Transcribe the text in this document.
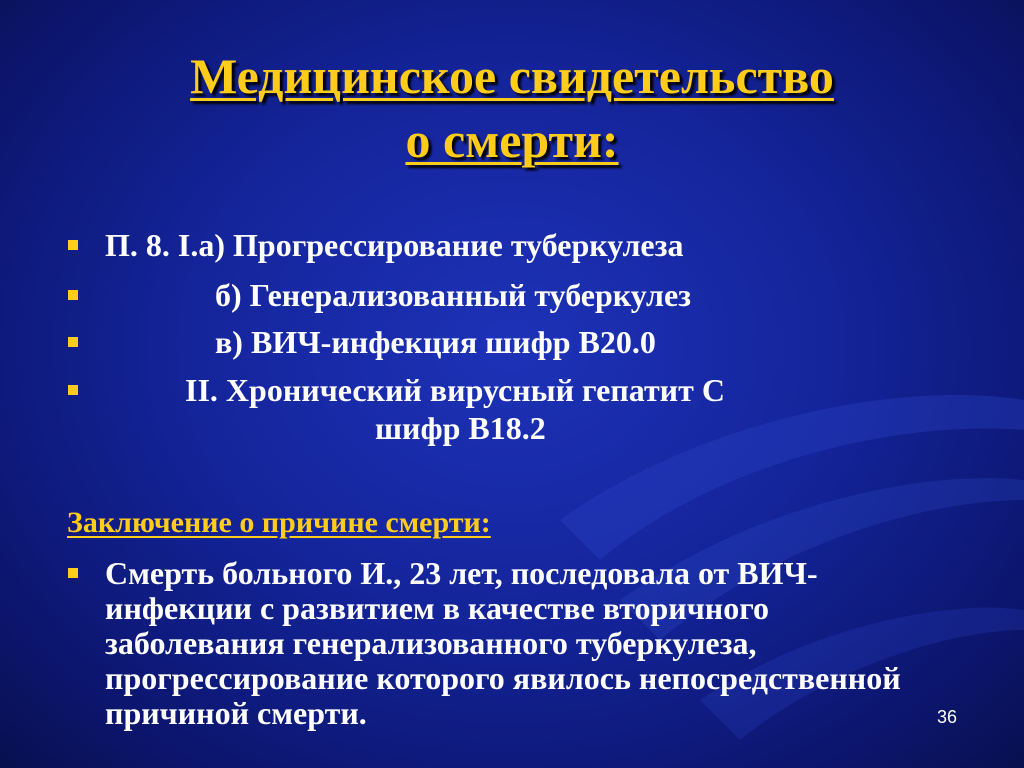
Медицинское свидетельство
о смерти:
П. 8. I.а) Прогрессирование туберкулеза
б) Генерализованный туберкулез
в) ВИЧ-инфекция шифр В20.0
II. Хронический вирусный гепатит С
шифр В18.2
Заключение о причине смерти:
Смерть больного И., 23 лет, последовала от ВИЧ-инфекции с развитием в качестве вторичного заболевания генерализованного туберкулеза, прогрессирование которого явилось непосредственной причиной смерти.	36
